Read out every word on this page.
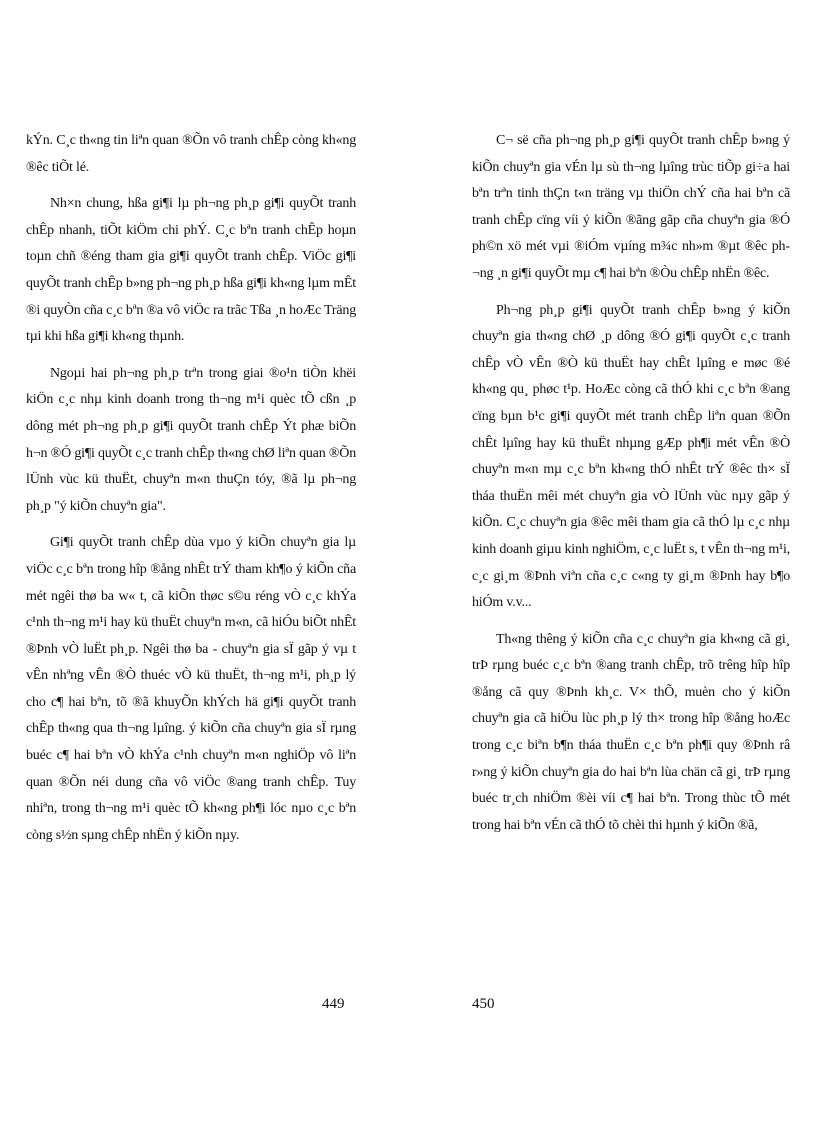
kÝn. C¸c th«ng tin liªn quan ®Õn vô tranh chÊp còng kh«ng ®êc tiÕt lé.

Nh×n chung, hßa gi¶i lµ ph¬ng ph¸p gi¶i quyÕt tranh chÊp nhanh, tiÕt kiÖm chi phÝ. C¸c bªn tranh chÊp hoµn toµn chñ ®éng tham gia gi¶i quyÕt tranh chÊp. ViÖc gi¶i quyÕt tranh chÊp b»ng ph¬ng ph¸p hßa gi¶i kh«ng lµm mÊt ®i quyÒn cña c¸c bªn ®a vô viÖc ra trãc Tßa ¸n hoÆc Träng tµi khi hßa gi¶i kh«ng thµnh.

Ngoµi hai ph¬ng ph¸p trªn trong giai ®o¹n tiÒn khëi kiÖn c¸c nhµ kinh doanh trong th¬ng m¹i quèc tÕ cßn ¸p dông mét ph¬ng ph¸p gi¶i quyÕt tranh chÊp Ýt phæ biÕn h¬n ®Ó gi¶i quyÕt c¸c tranh chÊp th«ng chØ liªn quan ®Õn lÜnh vùc kü thuËt, chuyªn m«n thuÇn tóy, ®ã lµ ph¬ng ph¸p "ý kiÕn chuyªn gia".

Gi¶i quyÕt tranh chÊp dùa vµo ý kiÕn chuyªn gia lµ viÖc c¸c bªn trong hîp ®ång nhÊt trÝ tham kh¶o ý kiÕn cña mét ngêi thø ba w« t, cã kiÕn thøc s©u réng vÒ c¸c khÝa c¹nh th¬ng m¹i hay kü thuËt chuyªn m«n, cã hiÓu biÕt nhÊt ®Þnh vÒ luËt ph¸p. Ngêi thø ba - chuyªn gia sÏ gãp ý vµ t vÊn nhªng vÊn ®Ò thuéc vÒ kü thuËt, th¬ng m¹i, ph¸p lý cho c¶ hai bªn, tõ ®ã khuyÕn khÝch hä gi¶i quyÕt tranh chÊp th«ng qua th¬ng lµîng. ý kiÕn cña chuyªn gia sÏ rµng buéc c¶ hai bªn vÒ khÝa c¹nh chuyªn m«n nghiÖp vô liªn quan ®Õn néi dung cña vô viÖc ®ang tranh chÊp. Tuy nhiªn, trong th¬ng m¹i quèc tÕ kh«ng ph¶i lóc nµo c¸c bªn còng s½n sµng chÊp nhËn ý kiÕn nµy.

449

C¬ së cña ph¬ng ph¸p gi¶i quyÕt tranh chÊp b»ng ý kiÕn chuyªn gia vÉn lµ sù th¬ng lµîng trùc tiÕp gi÷a hai bªn trªn tinh thÇn t«n träng vµ thiÖn chÝ cña hai bªn cã tranh chÊp cïng víi ý kiÕn ®ãng gãp cña chuyªn gia ®Ó ph©n xö mét vµi ®iÓm vµíng m¾c nh»m ®µt ®êc ph¬ng ¸n gi¶i quyÕt mµ c¶ hai bªn ®Òu chÊp nhËn ®êc.

Ph¬ng ph¸p gi¶i quyÕt tranh chÊp b»ng ý kiÕn chuyªn gia th«ng chØ ¸p dông ®Ó gi¶i quyÕt c¸c tranh chÊp vÒ vÊn ®Ò kü thuËt hay chÊt lµîng e møc ®é kh«ng qu¸ phøc t¹p. HoÆc còng cã thÓ khi c¸c bªn ®ang cïng bµn b¹c gi¶i quyÕt mét tranh chÊp liªn quan ®Õn chÊt lµîng hay kü thuËt nhµng gÆp ph¶i mét vÊn ®Ò chuyªn m«n mµ c¸c bªn kh«ng thÓ nhÊt trÝ ®êc th× sÏ tháa thuËn mêi mét chuyªn gia vÒ lÜnh vùc nµy gãp ý kiÕn. C¸c chuyªn gia ®êc mêi tham gia cã thÓ lµ c¸c nhµ kinh doanh giµu kinh nghiÖm, c¸c luËt s, t vÊn th¬ng m¹i, c¸c gi¸m ®Þnh viªn cña c¸c c«ng ty gi¸m ®Þnh hay b¶o hiÓm v.v...

Th«ng thêng ý kiÕn cña c¸c chuyªn gia kh«ng cã gi¸ trÞ rµng buéc c¸c bªn ®ang tranh chÊp, trõ trêng hîp hîp ®ång cã quy ®Þnh kh¸c. V× thÕ, muèn cho ý kiÕn chuyªn gia cã hiÖu lùc ph¸p lý th× trong hîp ®ång hoÆc trong c¸c biªn b¶n tháa thuËn c¸c bªn ph¶i quy ®Þnh râ r»ng ý kiÕn chuyªn gia do hai bªn lùa chän cã gi¸ trÞ rµng buéc tr¸ch nhiÖm ®èi víi c¶ hai bªn. Trong thùc tÕ mét trong hai bªn vÉn cã thÓ tõ chèi thi hµnh ý kiÕn ®ã,

450
